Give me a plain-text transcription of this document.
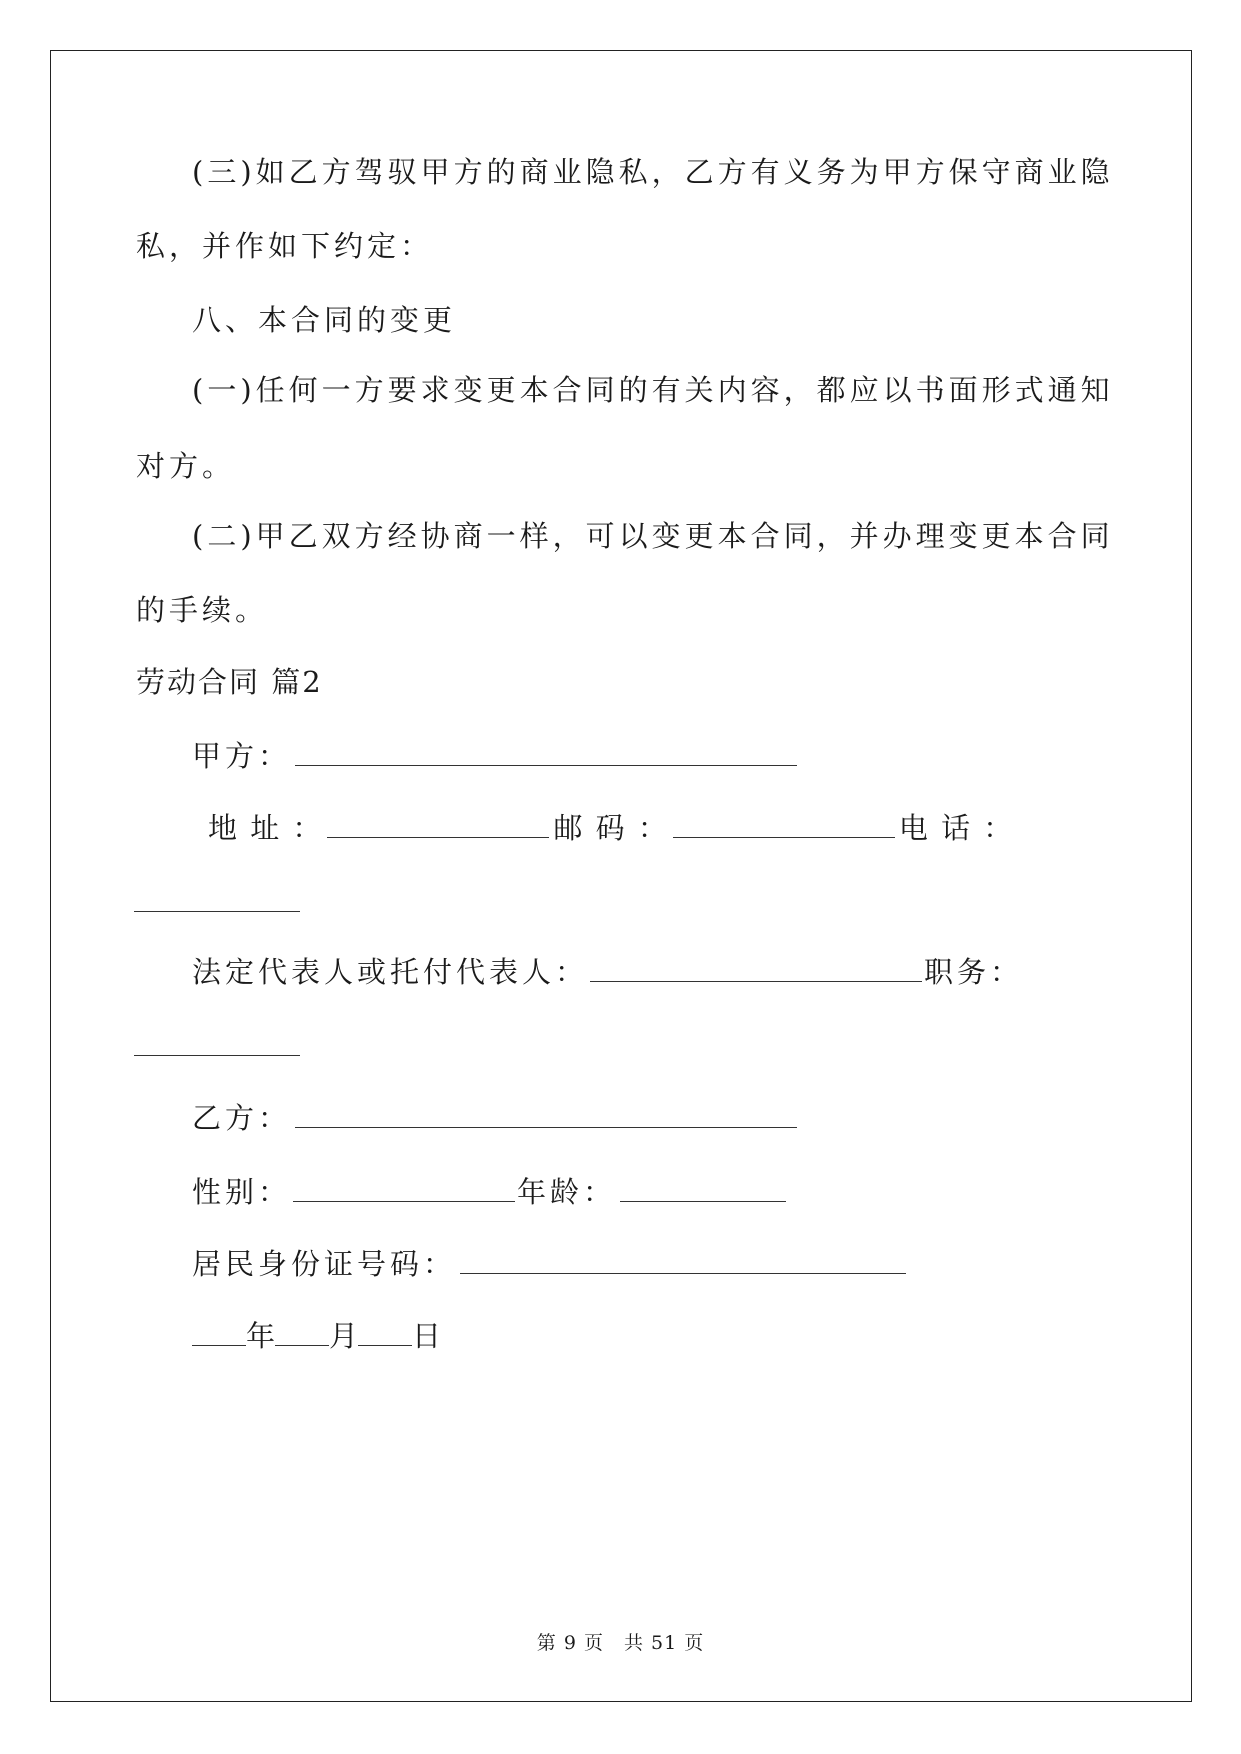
(三)如乙方驾驭甲方的商业隐私，乙方有义务为甲方保守商业隐
私，并作如下约定：
八、本合同的变更
(一)任何一方要求变更本合同的有关内容，都应以书面形式通知
对方。
(二)甲乙双方经协商一样，可以变更本合同，并办理变更本合同
的手续。
劳动合同 篇2
甲方：
地 址 ：	邮 码 ：	电 话 ：
法定代表人或托付代表人：	职务：
乙方：
性别：	年龄：
居民身份证号码：
年 月 日
第 9 页　共 51 页
